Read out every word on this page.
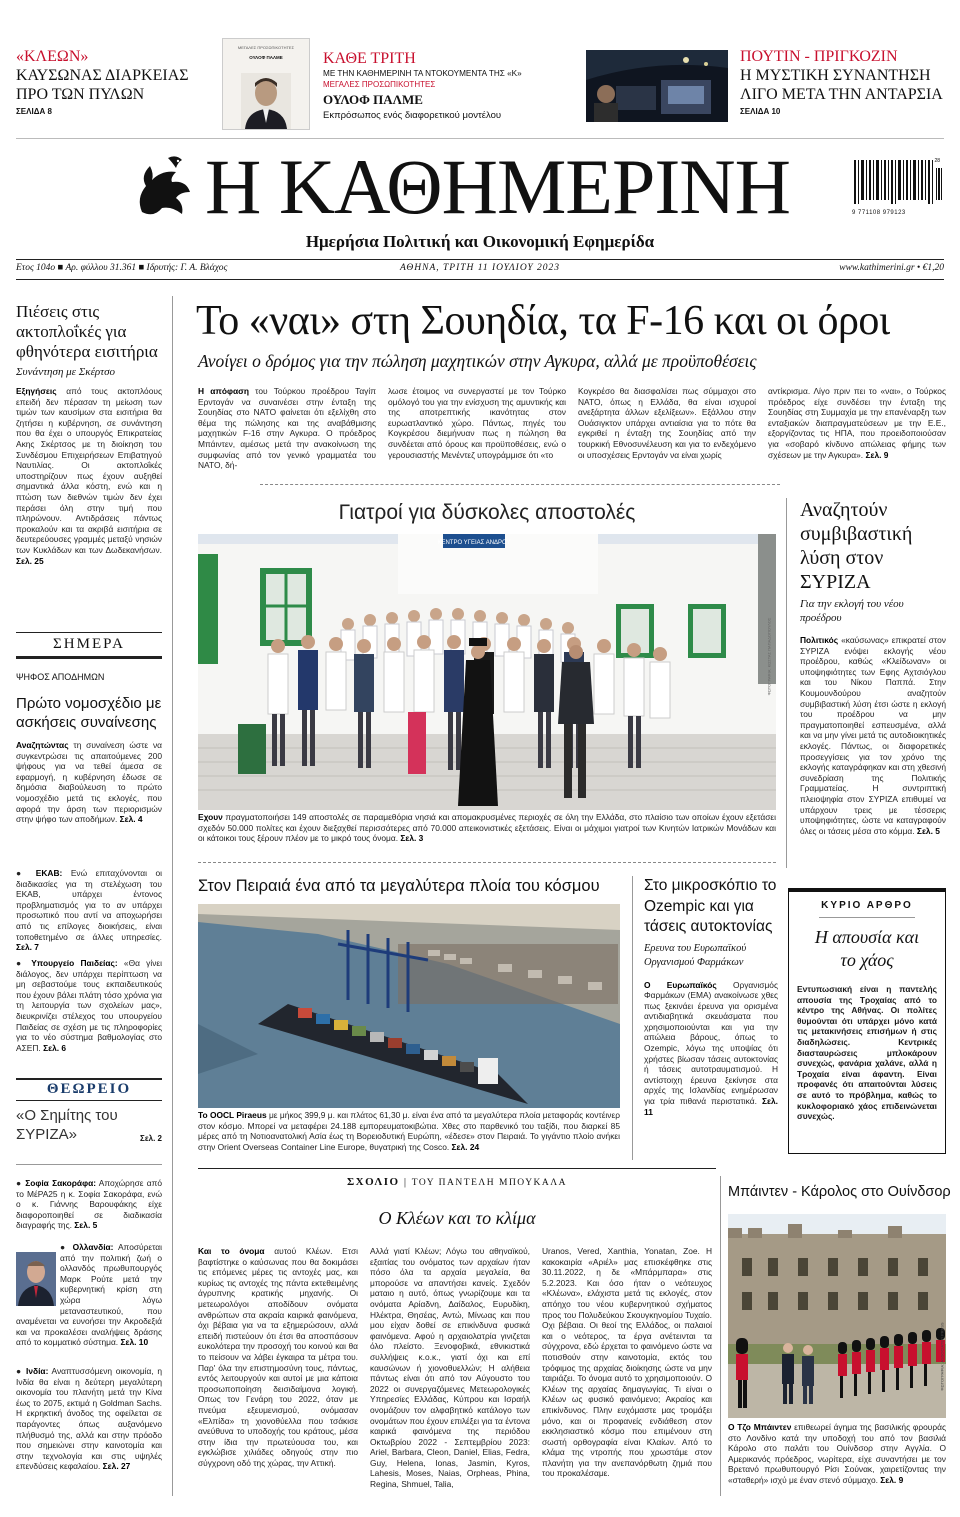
«ΚΛΕΩΝ»
ΚΑΥΣΩΝΑΣ ΔΙΑΡΚΕΙΑΣ ΠΡΟ ΤΩΝ ΠΥΛΩΝ
ΣΕΛΙΔΑ 8
ΜΕΓΑΛΕΣ ΠΡΟΣΩΠΙΚΟΤΗΤΕΣ
ΟΥΛΟΦ ΠΑΛΜΕ	ΚΑΘΕ ΤΡΙΤΗ
ΜΕ ΤΗΝ ΚΑΘΗΜΕΡΙΝΗ ΤΑ ΝΤΟΚΟΥΜΕΝΤΑ ΤΗΣ «Κ»
ΜΕΓΑΛΕΣ ΠΡΟΣΩΠΙΚΟΤΗΤΕΣ
ΟΥΛΟΦ ΠΑΛΜΕ
Εκπρόσωπος ενός διαφορετικού μοντέλου
ΠΟΥΤΙΝ - ΠΡΙΓΚΟΖΙΝ
Η ΜΥΣΤΙΚΗ ΣΥΝΑΝΤΗΣΗ ΛΙΓΟ ΜΕΤΑ ΤΗΝ ΑΝΤΑΡΣΙΑ
ΣΕΛΙΔΑ 10
Η ΚΑΘΗΜΕΡΙΝΗ	9 771108 979123
28
Ημερήσια Πολιτική και Οικονομική Εφημερίδα
Ετος 104ο ■ Αρ. φύλλου 31.361 ■ Ιδρυτής: Γ. Α. Βλάχος	ΑΘΗΝΑ, ΤΡΙΤΗ 11 ΙΟΥΛΙΟΥ 2023	www.kathimerini.gr • €1,20
Πιέσεις στις ακτοπλοΐκές για φθηνότερα εισιτήρια
Συνάντηση με Σκέρτσο
Εξηγήσεις από τους ακτοπλόους επειδή δεν πέρασαν τη μείωση των τιμών των καυσίμων στα εισιτήρια θα ζητήσει η κυβέρνηση, σε συνάντηση που θα έχει ο υπουργός Επικρατείας Ακης Σκέρτσος με τη διοίκηση του Συνδέσμου Επιχειρήσεων Επιβατηγού Ναυτιλίας. Οι ακτοπλοΐκές υποστηρίζουν πως έχουν αυξηθεί σημαντικά άλλα κόστη, ενώ και η πτώση των διεθνών τιμών δεν έχει περάσει όλη στην τιμή που πληρώνουν. Αντιδράσεις πάντως προκαλούν και τα ακριβά εισιτήρια σε δευτερεύουσες γραμμές μεταξύ νησιών των Κυκλάδων και των Δωδεκανήσων. Σελ. 25
ΣΗΜΕΡΑ
ΨΗΦΟΣ ΑΠΟΔΗΜΩΝ
Πρώτο νομοσχέδιο με ασκήσεις συναίνεσης
Αναζητώντας τη συναίνεση ώστε να συγκεντρώσει τις απαιτούμενες 200 ψήφους για να τεθεί άμεσα σε εφαρμογή, η κυβέρνηση έδωσε σε δημόσια διαβούλευση το πρώτο νομοσχέδιο μετά τις εκλογές, που αφορά την άρση των περιορισμών στην ψήφο των αποδήμων. Σελ. 4
● ΕΚΑΒ: Ενώ επιταχύνονται οι διαδικασίες για τη στελέχωση του ΕΚΑΒ, υπάρχει έντονος προβληματισμός για το αν υπάρχει προσωπικό που αντί να αποχωρήσει από τις επίλογες διοικήσεις, είναι τοποθετημένο σε άλλες υπηρεσίες. Σελ. 7
● Υπουργείο Παιδείας: «Θα γίνει διάλογος, δεν υπάρχει περίπτωση να μη σεβαστούμε τους εκπαιδευτικούς που έχουν βάλει πλάτη τόσο χρόνια για τη λειτουργία των σχολείων μας», διευκρινίζει στέλεχος του υπουργείου Παιδείας σε σχέση με τις πληροφορίες για το νέο σύστημα βαθμολογίας στο ΑΣΕΠ. Σελ. 6
ΘΕΩΡΕΙΟ
«Ο Σημίτης του ΣΥΡΙΖΑ»	Σελ. 2
● Σοφία Σακοράφα: Αποχώρησε από το ΜέΡΑ25 η κ. Σοφία Σακοράφα, ενώ ο κ. Γιάννης Βαρουφάκης είχε διαφοροποιηθεί σε διαδικασία διαγραφής της. Σελ. 5
● Ολλανδία: Αποσύρεται από την πολιτική ζωή ο ολλανδός πρωθυπουργός Μαρκ Ρούτε μετά την κυβερνητική κρίση στη χώρα λόγω μεταναστευτικού, που αναμένεται να ευνοήσει την Ακροδεξιά και να προκαλέσει αναλήψεις δράσης από το κομματικό σύστημα. Σελ. 10
● Ινδία: Αναπτυσσόμενη οικονομία, η Ινδία θα είναι η δεύτερη μεγαλύτερη οικονομία του πλανήτη μετά την Κίνα έως το 2075, εκτιμά η Goldman Sachs. Η εκρηκτική άνοδος της οφείλεται σε παράγοντες όπως αυξανόμενο πλήθυσμό της, αλλά και στην πρόοδο που σημειώνει στην καινοτομία και στην τεχνολογία και στις υψηλές επενδύσεις κεφαλαίου. Σελ. 27
Το «ναι» στη Σουηδία, τα F-16 και οι όροι
Ανοίγει ο δρόμος για την πώληση μαχητικών στην Αγκυρα, αλλά με προϋποθέσεις
Η απόφαση του Τούρκου προέδρου Ταγίπ Ερντογάν να συναινέσει στην ένταξη της Σουηδίας στο ΝΑΤΟ φαίνεται ότι εξελίχθη στο θέμα της πώλησης και της αναβάθμισης μαχητικών F-16 στην Αγκυρα. Ο πρόεδρος Μπάιντεν, αμέσως μετά την ανακοίνωση της συμφωνίας από τον γενικό γραμματέα του ΝΑΤΟ, δή-
λωσε έτοιμος να συνεργαστεί με τον Τούρκο ομόλογό του για την ενίσχυση της αμυντικής και της αποτρεπτικής ικανότητας στον ευρωατλαντικό χώρο. Πάντως, πηγές του Κογκρέσου διεμήνυαν πως η πώληση θα συνδέεται από όρους και προϋποθέσεις, ενώ ο γερουσιαστής Μενέντεζ υπογράμμισε ότι «το
Κογκρέσο θα διασφαλίσει πως σύμμαχοι στο ΝΑΤΟ, όπως η Ελλάδα, θα είναι ισχυροί ανεξάρτητα άλλων εξελίξεων». Εξάλλου στην Ουάσιγκτον υπάρχει αντιαίσια για το πότε θα εγκριθεί η ένταξη της Σουηδίας από την τουρκική Εθνοσυνέλευση και για το ενδεχόμενο οι υποσχέσεις Ερντογάν να είναι χωρίς
αντίκρισμα. Λίγο πριν πει το «ναι», ο Τούρκος πρόεδρος είχε συνδέσει την ένταξη της Σουηδίας στη Συμμαχία με την επανέναρξη των ενταξιακών διαπραγματεύσεων με την Ε.Ε., εξοργίζοντας τις ΗΠΑ, που προειδοποιούσαν για «σοβαρό κίνδυνο απώλειας φήμης των σχέσεων με την Αγκυρα». Σελ. 9
Γιατροί για δύσκολες αποστολές
ΚΕΝΤΡΟ ΥΓΕΙΑΣ ΑΝΔΡΟΥ
ΦΩΤΟΓΡΑΦΙΑ: ΚΩΣΤΑΣ ΠΑΠΑΔΟΠΟΥΛΟΣ
Εχουν πραγματοποιήσει 149 αποστολές σε παραμεθόρια νησιά και απομακρυσμένες περιοχές σε όλη την Ελλάδα, στο πλαίσιο των οποίων έχουν εξετάσει σχεδόν 50.000 πολίτες και έχουν διεξαχθεί περισσότερες από 70.000 απεικονιστικές εξετάσεις. Είναι οι μάχιμοι γιατροί των Κινητών Ιατρικών Μονάδων και οι κάτοικοι τους ξέρουν πλέον με το μικρό τους όνομα. Σελ. 3
Αναζητούν συμβιβαστική λύση στον ΣΥΡΙΖΑ
Για την εκλογή του νέου προέδρου
Πολιτικός «καύσωνας» επικρατεί στον ΣΥΡΙΖΑ ενόψει εκλογής νέου προέδρου, καθώς «Κλείδωναν» οι υποψηφιότητες των Εφης Αχτσιόγλου και του Νίκου Παππά. Στην Κουμουνδούρου αναζητούν συμβιβαστική λύση έτσι ώστε η εκλογή του προέδρου να μην πραγματοποιηθεί εσπευσμένα, αλλά και να μην γίνει μετά τις αυτοδιοικητικές εκλογές. Πάντως, οι διαφορετικές προσεγγίσεις για τον χρόνο της εκλογής καταγράφηκαν και στη χθεσινή συνεδρίαση της Πολιτικής Γραμματείας. Η συντριπτική πλειοψηφία στον ΣΥΡΙΖΑ επιθυμεί να υπάρχουν τρεις με τέσσερις υποψηφιότητες, ώστε να καταγραφούν όλες οι τάσεις μέσα στο κόμμα. Σελ. 5
Στον Πειραιά ένα από τα μεγαλύτερα πλοία του κόσμου
Το OOCL Piraeus με μήκος 399,9 μ. και πλάτος 61,30 μ. είναι ένα από τα μεγαλύτερα πλοία μεταφοράς κοντέινερ στον κόσμο. Μπορεί να μεταφέρει 24.188 εμπορευματοκιβώτια. Χθες στο παρθενικό του ταξίδι, που διαρκεί 85 μέρες από τη Νοτιοανατολική Ασία έως τη Βορειοδυτική Ευρώπη, «έδεσε» στον Πειραιά. Το γιγάντιο πλοίο ανήκει στην Orient Overseas Container Line Europe, θυγατρική της Cosco. Σελ. 24
Στο μικροσκόπιο το Ozempic και για τάσεις αυτοκτονίας
Ερευνα του Ευρωπαϊκού Οργανισμού Φαρμάκων
Ο Ευρωπαϊκός Οργανισμός Φαρμάκων (ΕΜΑ) ανακοίνωσε χθες πως ξεκινάει έρευνα για ορισμένα αντιδιαβητικά σκευάσματα που χρησιμοποιούνται και για την απώλεια βάρους, όπως το Ozempic, λόγω της υποψίας ότι χρήστες βίωσαν τάσεις αυτοκτονίας ή τάσεις αυτοτραυματισμού. Η αντίστοιχη έρευνα ξεκίνησε στα αρχές της Ισλανδίας ενημέρωσαν για τρία πιθανά περιστατικά. Σελ. 11
ΚΥΡΙΟ ΑΡΘΡΟ
Η απουσία και το χάος
Εντυπωσιακή είναι η παντελής απουσία της Τροχαίας από το κέντρο της Αθήνας. Οι πολίτες θυμούνται ότι υπάρχει μόνο κατά τις μετακινήσεις επισήμων ή στις διαδηλώσεις. Κεντρικές διασταυρώσεις μπλοκάρουν συνεχώς, φανάρια χαλάνε, αλλά η Τροχαία είναι άφαντη. Είναι προφανές ότι απαιτούνται λύσεις σε αυτό το πρόβλημα, καθώς το κυκλοφοριακό χάος επιδεινώνεται συνεχώς.
ΣΧΟΛΙΟ | ΤΟΥ ΠΑΝΤΕΛΗ ΜΠΟΥΚΑΛΑ
Ο Κλέων και το κλίμα
Και το όνομα αυτού Κλέων. Ετσι βαφτίστηκε ο καύσωνας που θα δοκιμάσει τις επόμενες μέρες τις αντοχές μας, και κυρίως τις αντοχές της πάντα εκτεθειμένης άγρυπνης κρατικής μηχανής. Οι μετεωρολόγοι αποδίδουν ονόματα ανθρώπων στα ακραία καιρικά φαινόμενα, όχι βέβαια για να τα εξημερώσουν, αλλά επειδή πιστεύουν ότι έτσι θα αποσπάσουν ευκολότερα την προσοχή του κοινού και θα το πείσουν να λάβει έγκαιρα τα μέτρα του. Παρ' όλα την επιστημοσύνη τους, πάντως, εντός λειτουργούν και αυτοί με μια κάποια προσωποποίηση δεισιδαίμονα λογική. Οπως τον Γενάρη του 2022, όταν με πνεύμα εξευμενισμού, ονόμασαν «Ελπίδα» τη χιονοθύελλα που τσάκισε ανεύθυνα το υποδοχής του κράτους, μέσα στην ίδια την πρωτεύουσα του, και εγκλώβισε χιλιάδες οδηγούς στην πιο σύγχρονη οδό της χώρας, την Αττική.
Αλλά γιατί Κλέων; Λόγω του αθηναϊκού, εξαιτίας του ονόματος των αρχαίων ήταν πόσο όλα τα αρχαία μεγαλεία, θα μπορούσε να απαντήσει κανείς. Σχεδόν ματαιο η αυτό, όπως γνωρίζουμε και τα ονόματα Αρίαδνη, Δαίδαλος, Ευρυδίκη, Ηλέκτρα, Θησέας, Αντώ, Μίνωας και που μου είχαν δοθεί σε επικίνδυνα φυσικά φαινόμενα. Αφού η αρχαιολατρία γινιζεται όλο πλείστο. Ξενοφοβικά, εθνικιστικά συλλήψεις κ.ο.κ., γιατί όχι και επί καυσώνων ή χιονοθυελλών; Η αλήθεια πάντως είναι ότι από τον Αύγουστο του 2022 οι συνεργαζόμενες Μετεωρολογικές Υπηρεσίες Ελλάδας, Κύπρου και Ισραήλ ονομάζουν τον αλφαβητικό κατάλογο των ονομάτων που έχουν επιλέξει για τα έντονα καιρικά φαινόμενα της περιόδου Οκτωβρίου 2022 - Σεπτεμβρίου 2023: Ariel, Barbara, Cleon, Daniel, Elias, Fedra, Guy, Helena, Ionas, Jasmin, Kyros, Lahesis, Moses, Naias, Orpheas, Phina, Regina, Shmuel, Talia,
Uranos, Vered, Xanthia, Yonatan, Zoe. Η κακοκαιρία «Αριέλ» μας επισκέφθηκε στις 30.11.2022, η δε «Μπάρμπαρα» στις 5.2.2023. Και όσο ήταν ο νεότευχος «Κλέωνα», ελάχιστα μετά τις εκλογές, στον απόηχο του νέου κυβερνητικού σχήματος προς του Πολυδεύκου Σκουγκηνομίου Τυχαίο. Οχι βέβαια. Οι θεοί της Ελλάδος, οι παλαιοί και ο νεότερος, τα έργα ανέτεινται τα σύγχρονα, εδώ έρχεται το φαινόμενο ώστε να ποτισθούν στην καινοτομία, εκτός του τρόφιμος της αρχαίας διοίκησης ώστε να μην ταιριάζει. Το όνομα αυτό το χρησιμοποιούν. Ο Κλέων της αρχαίας δημαγωγίας. Τι είναι ο Κλέων ως φυσικό φαινόμενο; Ακραίος και επικίνδυνος. Πλην ευχόμαστε μας τρομάξει μόνο, και οι προφανείς ενδιάθεση στον εκκλησιαστικό κόσμο που επιμένουν στη σωστή ορθογραφία είναι Κλαίων. Από το κλάμα της ντροπής που χρωστάμε στον πλανήτη για την ανεπανόρθωτη ζημιά που του προκαλέσαμε.
Μπάιντεν - Κάρολος στο Ουίνδσορ
ΦΩΤΟΓΡΑΦΙΑ: ASSOCIATED PRESS
Ο Τζο Μπάιντεν επιθεωρεί άγημα της βασιλικής φρουράς στο Λονδίνο κατά την υποδοχή του από τον βασιλιά Κάρολο στο παλάτι του Ουίνδσορ στην Αγγλία. Ο Αμερικανός πρόεδρος, νωρίτερα, είχε συναντήσει με τον Βρετανό πρωθυπουργό Ρίσι Σούνακ, χαιρετίζοντας την «σταθερή» ισχύ με έναν στενό σύμμαχο. Σελ. 9
